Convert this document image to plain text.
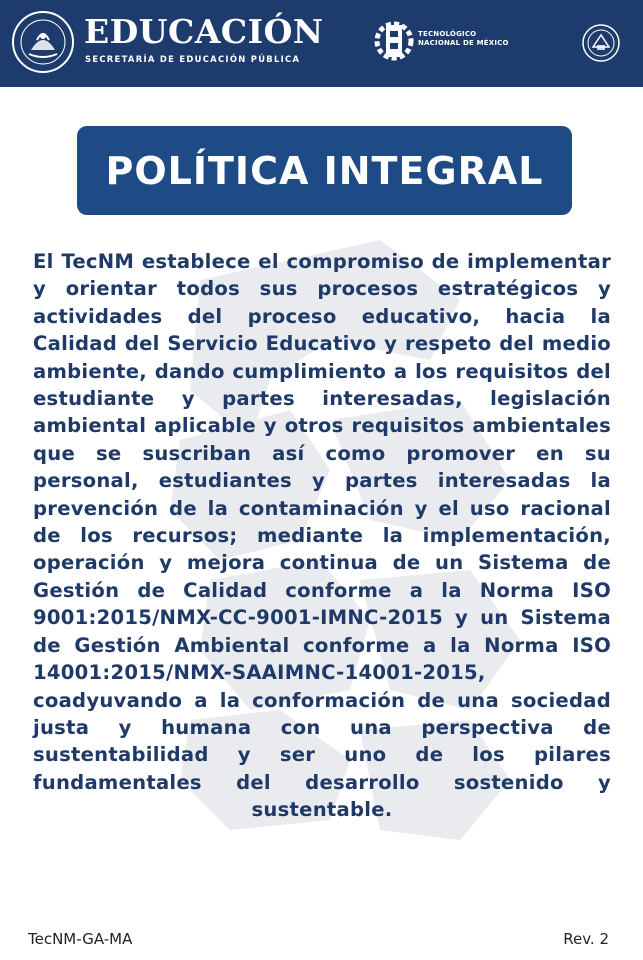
EDUCACIÓN
SECRETARÍA DE EDUCACIÓN PÚBLICA
TECNOLÓGICO
NACIONAL DE MÉXICO
POLÍTICA INTEGRAL
El TecNM establece el compromiso de implementar y orientar todos sus procesos estratégicos y actividades del proceso educativo, hacia la Calidad del Servicio Educativo y respeto del medio ambiente, dando cumplimiento a los requisitos del estudiante y partes interesadas, legislación ambiental aplicable y otros requisitos ambientales que se suscriban así como promover en su personal, estudiantes y partes interesadas la prevención de la contaminación y el uso racional de los recursos; mediante la implementación, operación y mejora continua de un Sistema de Gestión de Calidad conforme a la Norma ISO 9001:2015/NMX-CC-9001-IMNC-2015 y un Sistema de Gestión Ambiental conforme a la Norma ISO 14001:2015/NMX-SAAIMNC-14001-2015, coadyuvando a la conformación de una sociedad justa y humana con una perspectiva de sustentabilidad y ser uno de los pilares fundamentales del desarrollo sostenido y sustentable.
TecNM-GA-MA	Rev. 2
